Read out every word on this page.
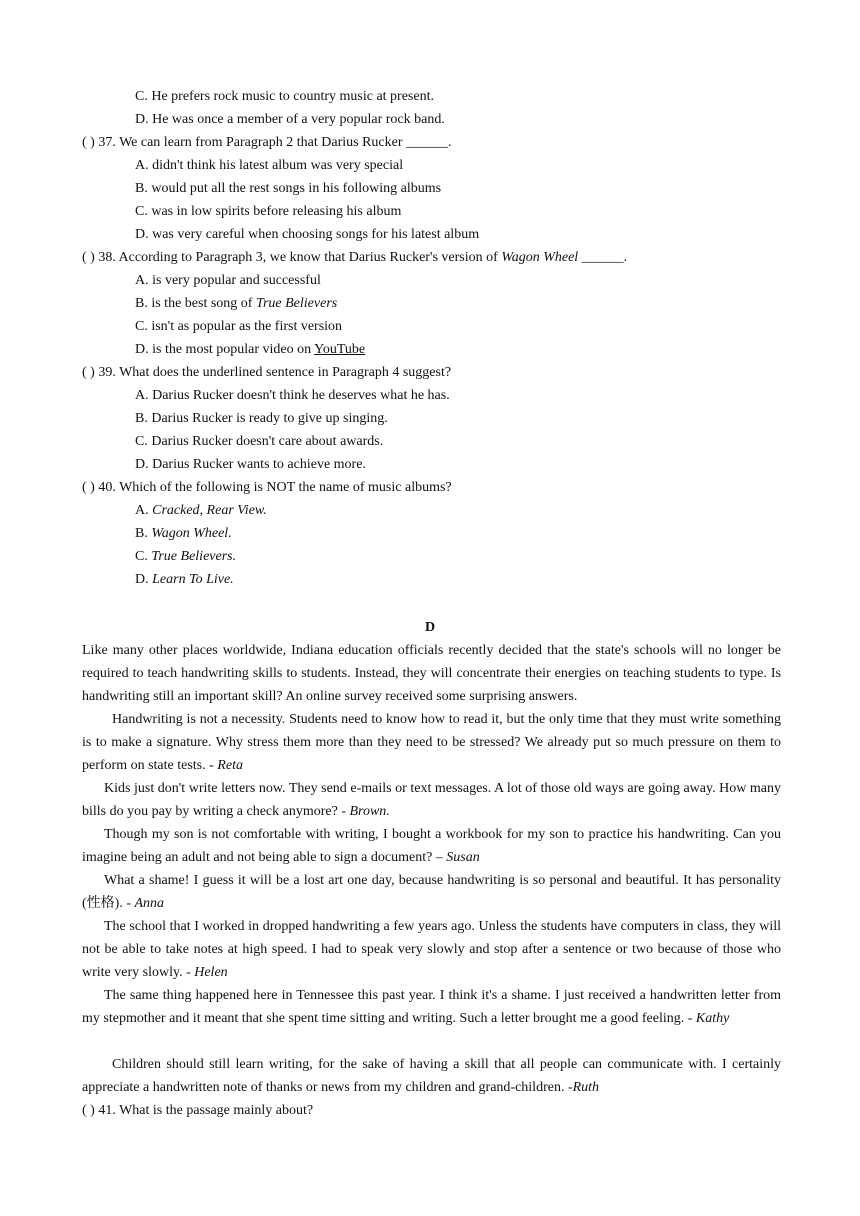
C. He prefers rock music to country music at present.
D. He was once a member of a very popular rock band.
( ) 37. We can learn from Paragraph 2 that Darius Rucker ______.
A. didn't think his latest album was very special
B. would put all the rest songs in his following albums
C. was in low spirits before releasing his album
D. was very careful when choosing songs for his latest album
( ) 38. According to Paragraph 3, we know that Darius Rucker's version of Wagon Wheel ______.
A. is very popular and successful
B. is the best song of True Believers
C. isn't as popular as the first version
D. is the most popular video on YouTube
( ) 39. What does the underlined sentence in Paragraph 4 suggest?
A. Darius Rucker doesn't think he deserves what he has.
B. Darius Rucker is ready to give up singing.
C. Darius Rucker doesn't care about awards.
D. Darius Rucker wants to achieve more.
( ) 40. Which of the following is NOT the name of music albums?
A. Cracked, Rear View.
B. Wagon Wheel.
C. True Believers.
D. Learn To Live.
D
Like many other places worldwide, Indiana education officials recently decided that the state's schools will no longer be required to teach handwriting skills to students. Instead, they will concentrate their energies on teaching students to type. Is handwriting still an important skill? An online survey received some surprising answers.
Handwriting is not a necessity. Students need to know how to read it, but the only time that they must write something is to make a signature. Why stress them more than they need to be stressed? We already put so much pressure on them to perform on state tests. - Reta
Kids just don't write letters now. They send e-mails or text messages. A lot of those old ways are going away. How many bills do you pay by writing a check anymore? - Brown.
Though my son is not comfortable with writing, I bought a workbook for my son to practice his handwriting. Can you imagine being an adult and not being able to sign a document? – Susan
What a shame! I guess it will be a lost art one day, because handwriting is so personal and beautiful. It has personality (性格). - Anna
The school that I worked in dropped handwriting a few years ago. Unless the students have computers in class, they will not be able to take notes at high speed. I had to speak very slowly and stop after a sentence or two because of those who write very slowly. - Helen
The same thing happened here in Tennessee this past year. I think it's a shame. I just received a handwritten letter from my stepmother and it meant that she spent time sitting and writing. Such a letter brought me a good feeling. - Kathy
Children should still learn writing, for the sake of having a skill that all people can communicate with. I certainly appreciate a handwritten note of thanks or news from my children and grand-children. -Ruth
( ) 41. What is the passage mainly about?
